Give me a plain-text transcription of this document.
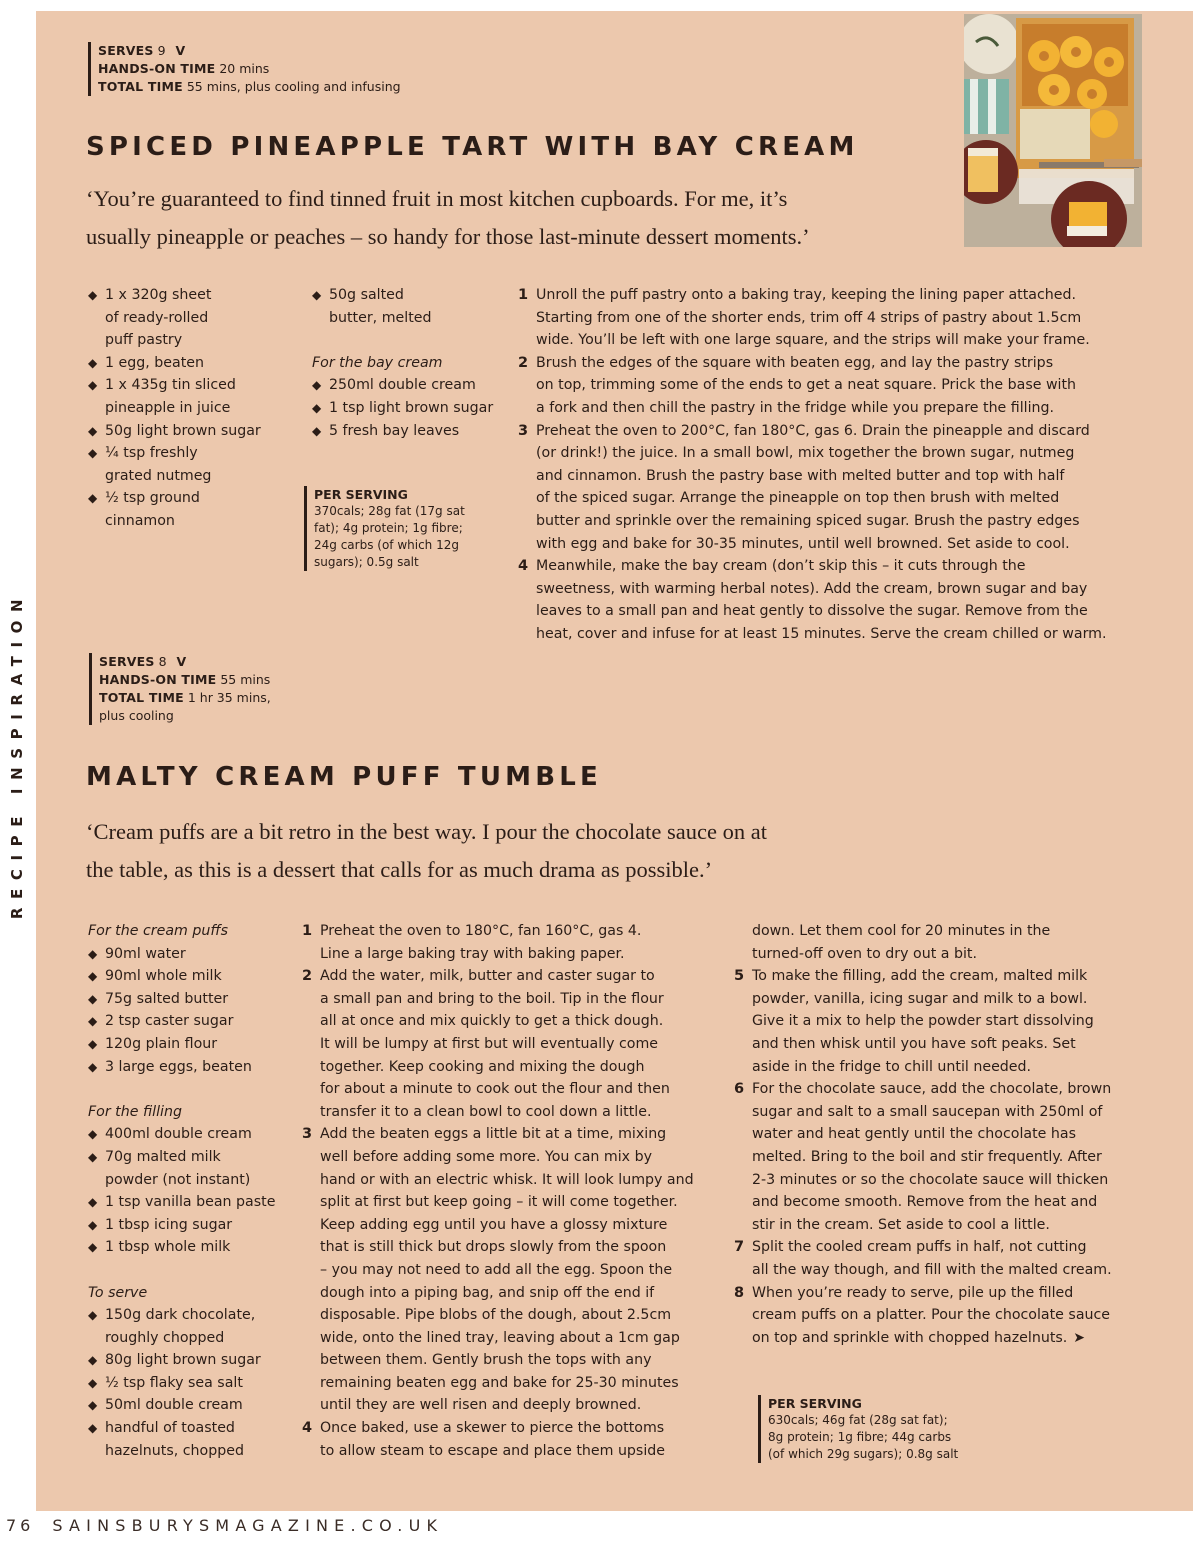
RECIPE INSPIRATION
SERVES 9 V
HANDS-ON TIME 20 mins
TOTAL TIME 55 mins, plus cooling and infusing
SPICED PINEAPPLE TART WITH BAY CREAM
‘You’re guaranteed to find tinned fruit in most kitchen cupboards. For me, it’s
usually pineapple or peaches – so handy for those last-minute dessert moments.’
◆ 1 x 320g sheet
of ready-rolled
puff pastry
◆ 1 egg, beaten
◆ 1 x 435g tin sliced
pineapple in juice
◆ 50g light brown sugar
◆ ¼ tsp freshly
grated nutmeg
◆ ½ tsp ground
cinnamon
◆ 50g salted
butter, melted
For the bay cream
◆ 250ml double cream
◆ 1 tsp light brown sugar
◆ 5 fresh bay leaves
PER SERVING
370cals; 28g fat (17g sat
fat); 4g protein; 1g fibre;
24g carbs (of which 12g
sugars); 0.5g salt
1 Unroll the puff pastry onto a baking tray, keeping the lining paper attached.
Starting from one of the shorter ends, trim off 4 strips of pastry about 1.5cm
wide. You’ll be left with one large square, and the strips will make your frame.
2 Brush the edges of the square with beaten egg, and lay the pastry strips
on top, trimming some of the ends to get a neat square. Prick the base with
a fork and then chill the pastry in the fridge while you prepare the filling.
3 Preheat the oven to 200°C, fan 180°C, gas 6. Drain the pineapple and discard
(or drink!) the juice. In a small bowl, mix together the brown sugar, nutmeg
and cinnamon. Brush the pastry base with melted butter and top with half
of the spiced sugar. Arrange the pineapple on top then brush with melted
butter and sprinkle over the remaining spiced sugar. Brush the pastry edges
with egg and bake for 30-35 minutes, until well browned. Set aside to cool.
4 Meanwhile, make the bay cream (don’t skip this – it cuts through the
sweetness, with warming herbal notes). Add the cream, brown sugar and bay
leaves to a small pan and heat gently to dissolve the sugar. Remove from the
heat, cover and infuse for at least 15 minutes. Serve the cream chilled or warm.
SERVES 8 V
HANDS-ON TIME 55 mins
TOTAL TIME 1 hr 35 mins,
plus cooling
MALTY CREAM PUFF TUMBLE
‘Cream puffs are a bit retro in the best way. I pour the chocolate sauce on at
the table, as this is a dessert that calls for as much drama as possible.’
For the cream puffs
◆ 90ml water
◆ 90ml whole milk
◆ 75g salted butter
◆ 2 tsp caster sugar
◆ 120g plain flour
◆ 3 large eggs, beaten
For the filling
◆ 400ml double cream
◆ 70g malted milk
powder (not instant)
◆ 1 tsp vanilla bean paste
◆ 1 tbsp icing sugar
◆ 1 tbsp whole milk
To serve
◆ 150g dark chocolate,
roughly chopped
◆ 80g light brown sugar
◆ ½ tsp flaky sea salt
◆ 50ml double cream
◆ handful of toasted
hazelnuts, chopped
1 Preheat the oven to 180°C, fan 160°C, gas 4.
Line a large baking tray with baking paper.
2 Add the water, milk, butter and caster sugar to
a small pan and bring to the boil. Tip in the flour
all at once and mix quickly to get a thick dough.
It will be lumpy at first but will eventually come
together. Keep cooking and mixing the dough
for about a minute to cook out the flour and then
transfer it to a clean bowl to cool down a little.
3 Add the beaten eggs a little bit at a time, mixing
well before adding some more. You can mix by
hand or with an electric whisk. It will look lumpy and
split at first but keep going – it will come together.
Keep adding egg until you have a glossy mixture
that is still thick but drops slowly from the spoon
– you may not need to add all the egg. Spoon the
dough into a piping bag, and snip off the end if
disposable. Pipe blobs of the dough, about 2.5cm
wide, onto the lined tray, leaving about a 1cm gap
between them. Gently brush the tops with any
remaining beaten egg and bake for 25-30 minutes
until they are well risen and deeply browned.
4 Once baked, use a skewer to pierce the bottoms
to allow steam to escape and place them upside
down. Let them cool for 20 minutes in the
turned-off oven to dry out a bit.
5 To make the filling, add the cream, malted milk
powder, vanilla, icing sugar and milk to a bowl.
Give it a mix to help the powder start dissolving
and then whisk until you have soft peaks. Set
aside in the fridge to chill until needed.
6 For the chocolate sauce, add the chocolate, brown
sugar and salt to a small saucepan with 250ml of
water and heat gently until the chocolate has
melted. Bring to the boil and stir frequently. After
2-3 minutes or so the chocolate sauce will thicken
and become smooth. Remove from the heat and
stir in the cream. Set aside to cool a little.
7 Split the cooled cream puffs in half, not cutting
all the way though, and fill with the malted cream.
8 When you’re ready to serve, pile up the filled
cream puffs on a platter. Pour the chocolate sauce
on top and sprinkle with chopped hazelnuts. ➤
PER SERVING
630cals; 46g fat (28g sat fat);
8g protein; 1g fibre; 44g carbs
(of which 29g sugars); 0.8g salt
76 SAINSBURYSMAGAZINE.CO.UK
